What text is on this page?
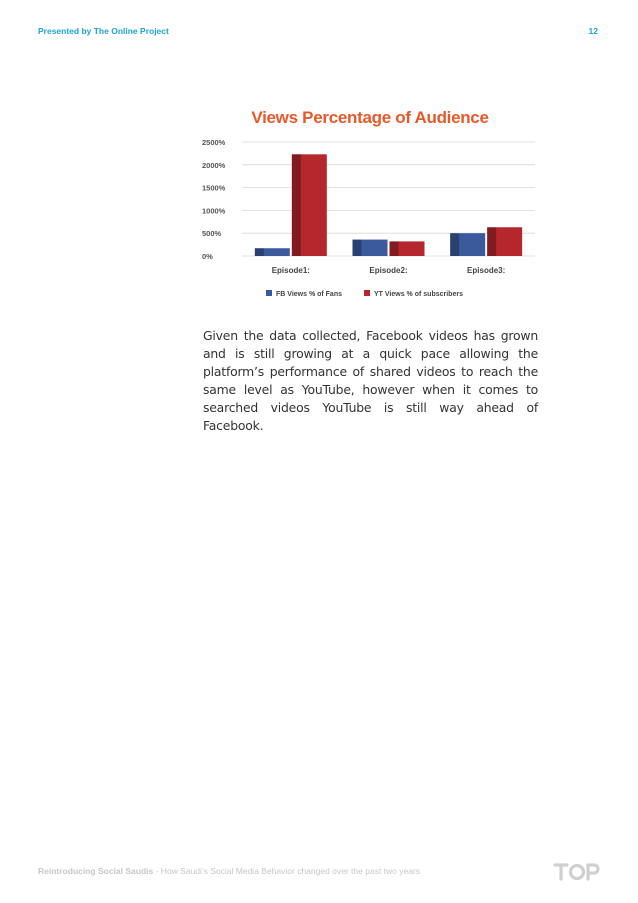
Presented by The Online Project	12
Views Percentage of Audience
0%
500%
1000%
1500%
2000%
2500%
Episode1:	Episode2:	Episode3:
FB Views % of Fans	YT Views % of subscribers
Given the data collected, Facebook videos has grown and is still growing at a quick pace allowing the platform’s performance of shared videos to reach the same level as YouTube, however when it comes to searched videos YouTube is still way ahead of Facebook.
Reintroducing Social Saudis - How Saudi’s Social Media Behavior changed over the past two years
